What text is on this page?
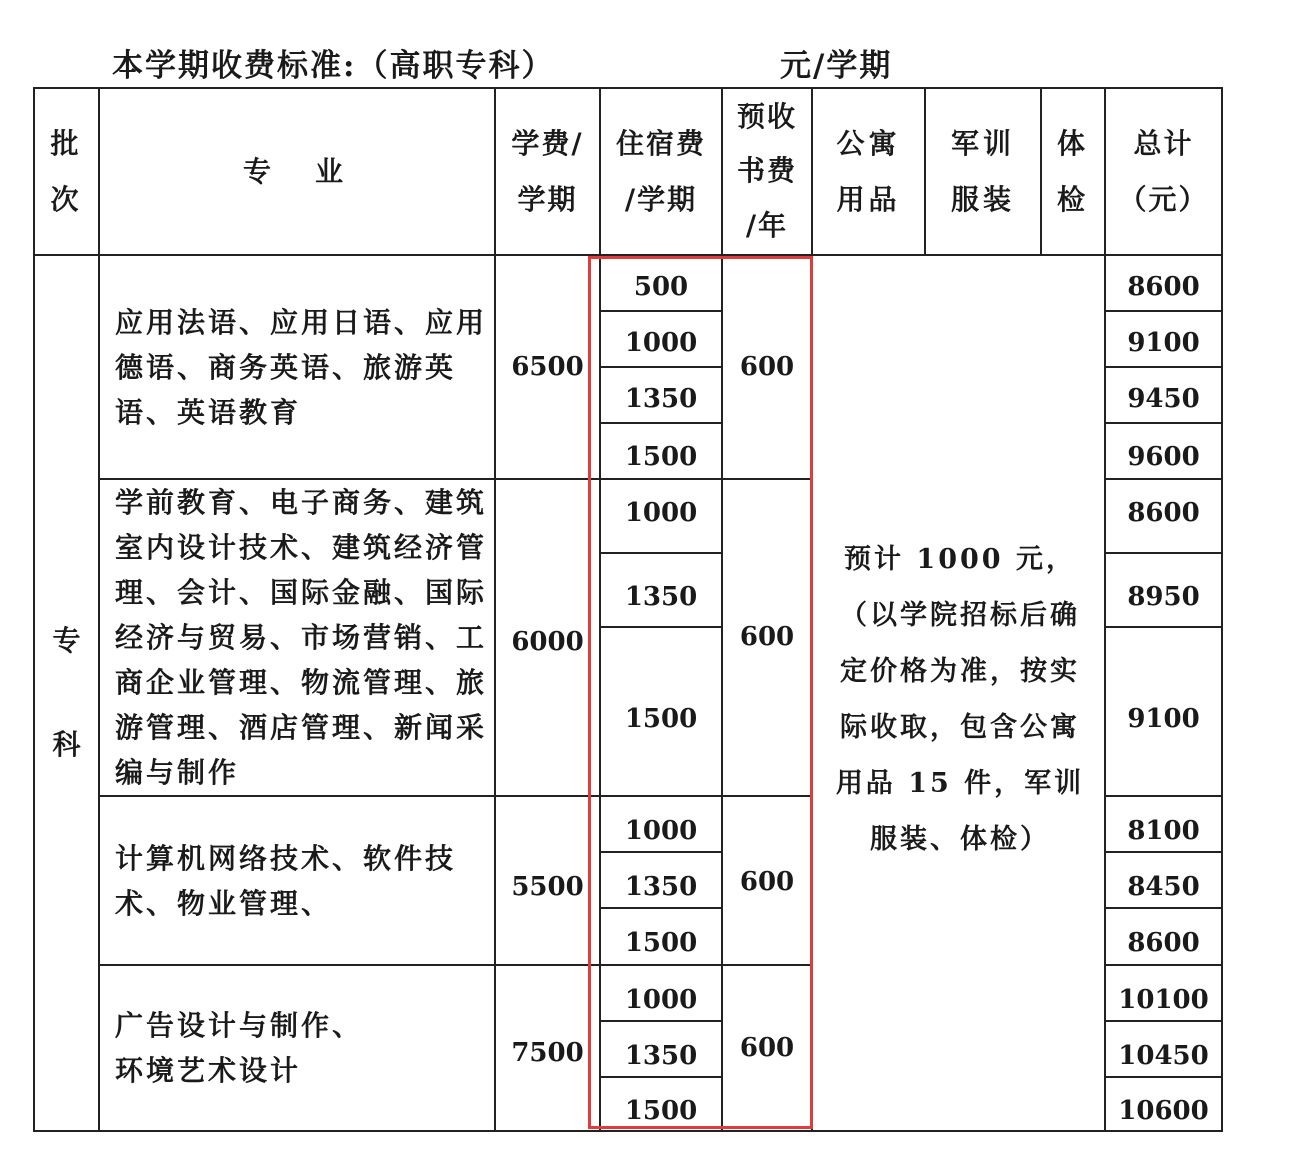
本学期收费标准:（高职专科）	元/学期
批
次
专　业
学费/
学期
住宿费
/学期
预收
书费
/年
公寓
用品
军训
服装
体
检
总计
（元）
专

科
应用法语、应用日语、应用德语、商务英语、旅游英语、英语教育
6500
500
1000
1350
1500
600
8600
9100
9450
9600
学前教育、电子商务、建筑室内设计技术、建筑经济管理、会计、国际金融、国际经济与贸易、市场营销、工商企业管理、物流管理、旅游管理、酒店管理、新闻采编与制作
6000
1000
1350
1500
600
8600
8950
9100
计算机网络技术、软件技术、物业管理、	5500
1000
1350
1500
600
8100
8450
8600
广告设计与制作、
环境艺术设计
7500
1000
1350
1500
600
10100
10450
10600
预计 1000 元，（以学院招标后确定价格为准，按实际收取，包含公寓用品 15 件，军训服装、体检）
